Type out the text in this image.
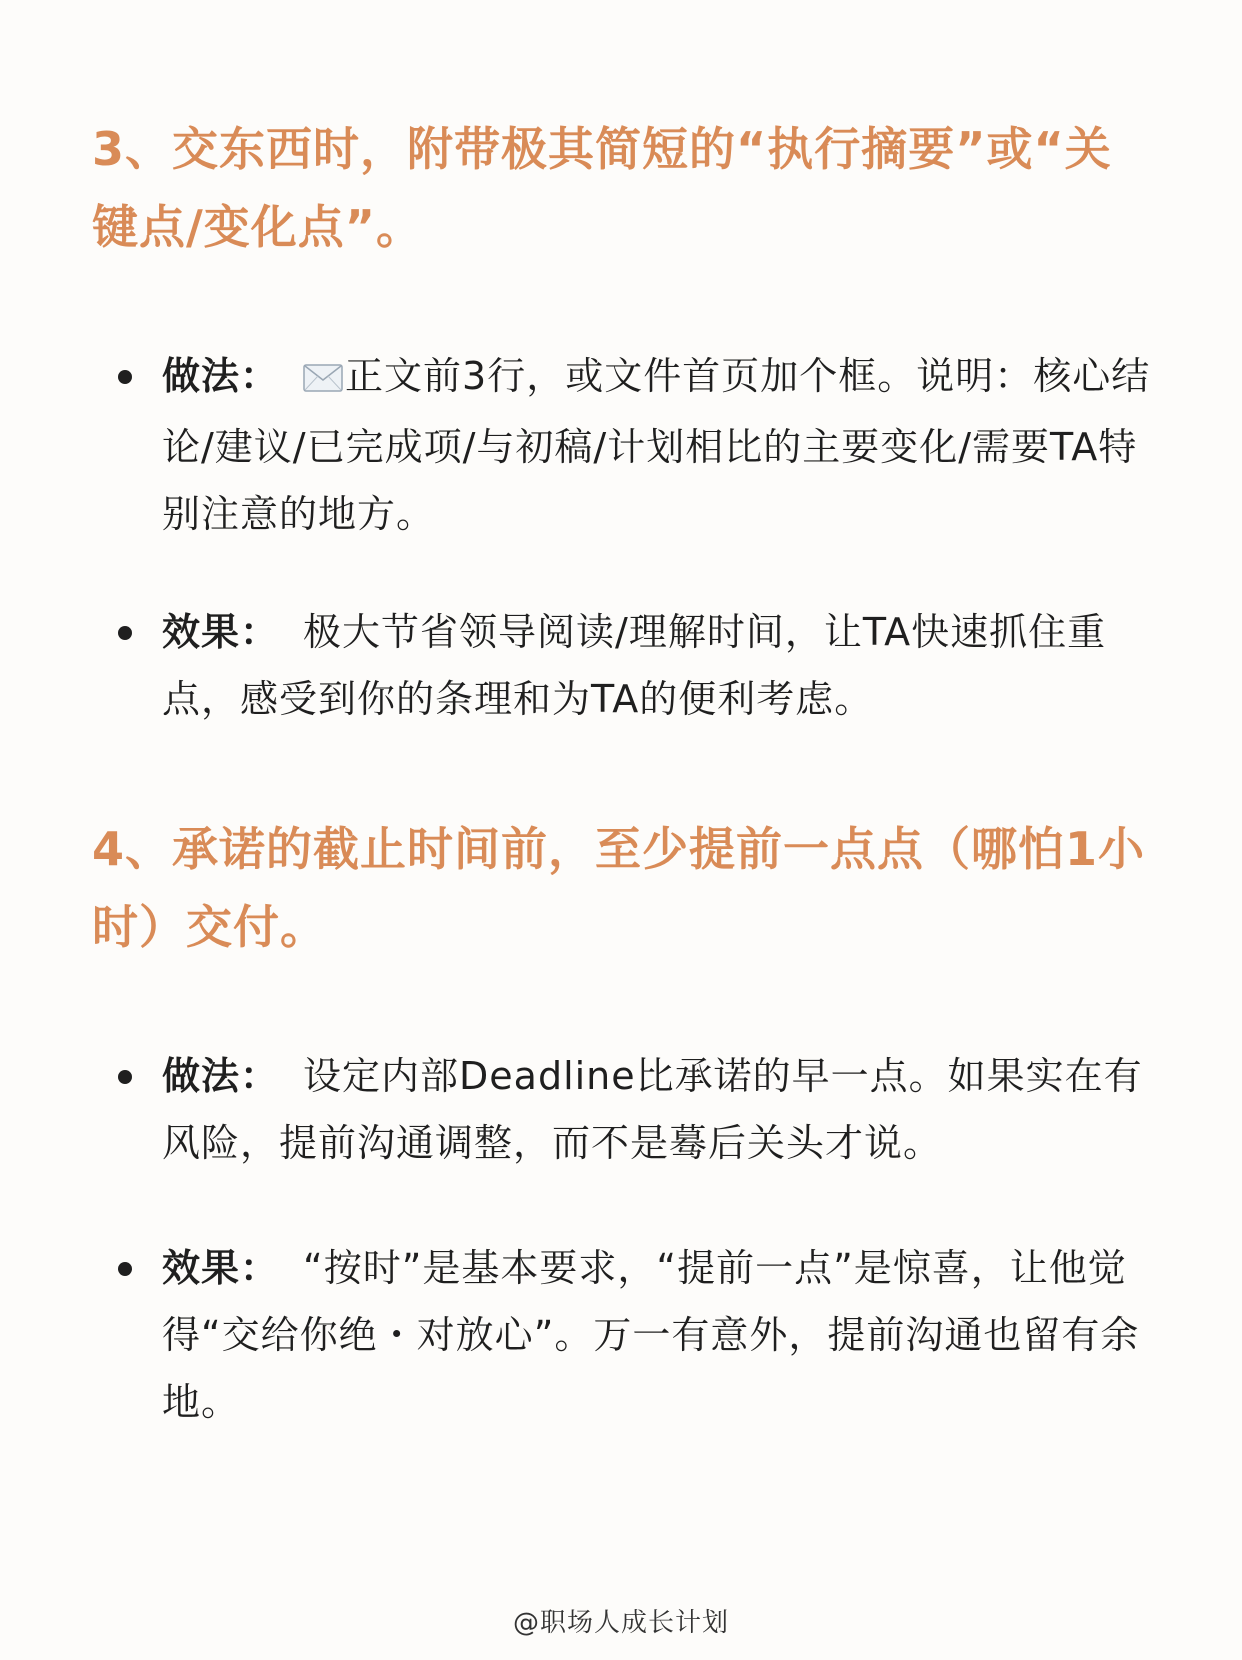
3、交东西时，附带极其简短的“执行摘要”或“关键点/变化点”。
做法： 正文前3行，或文件首页加个框。说明：核心结论/建议/已完成项/与初稿/计划相比的主要变化/需要TA特别注意的地方。
效果： 极大节省领导阅读/理解时间，让TA快速抓住重点，感受到你的条理和为TA的便利考虑。
4、承诺的截止时间前，至少提前一点点（哪怕1小时）交付。
做法： 设定内部Deadline比承诺的早一点。如果实在有风险，提前沟通调整，而不是蓦后关头才说。
效果： “按时”是基本要求，“提前一点”是惊喜，让他觉得“交给你绝・对放心”。万一有意外，提前沟通也留有余地。
@职场人成长计划
